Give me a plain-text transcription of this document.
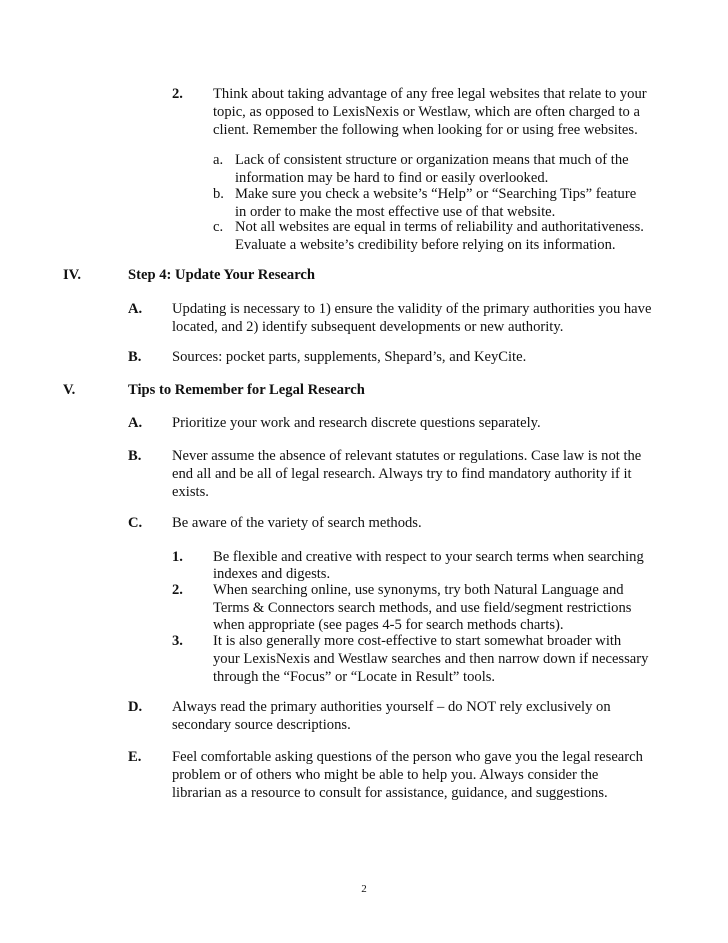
2. Think about taking advantage of any free legal websites that relate to your
topic, as opposed to LexisNexis or Westlaw, which are often charged to a
client. Remember the following when looking for or using free websites.
a. Lack of consistent structure or organization means that much of the
information may be hard to find or easily overlooked.
b. Make sure you check a website’s “Help” or “Searching Tips” feature
in order to make the most effective use of that website.
c. Not all websites are equal in terms of reliability and authoritativeness.
Evaluate a website’s credibility before relying on its information.
IV.	Step 4: Update Your Research
A. Updating is necessary to 1) ensure the validity of the primary authorities you have
located, and 2) identify subsequent developments or new authority.
B. Sources: pocket parts, supplements, Shepard’s, and KeyCite.
V.	Tips to Remember for Legal Research
A. Prioritize your work and research discrete questions separately.
B. Never assume the absence of relevant statutes or regulations. Case law is not the
end all and be all of legal research. Always try to find mandatory authority if it
exists.
C. Be aware of the variety of search methods.
1. Be flexible and creative with respect to your search terms when searching
indexes and digests.
2. When searching online, use synonyms, try both Natural Language and
Terms & Connectors search methods, and use field/segment restrictions
when appropriate (see pages 4-5 for search methods charts).
3. It is also generally more cost-effective to start somewhat broader with
your LexisNexis and Westlaw searches and then narrow down if necessary
through the “Focus” or “Locate in Result” tools.
D. Always read the primary authorities yourself – do NOT rely exclusively on
secondary source descriptions.
E. Feel comfortable asking questions of the person who gave you the legal research
problem or of others who might be able to help you. Always consider the
librarian as a resource to consult for assistance, guidance, and suggestions.
2
